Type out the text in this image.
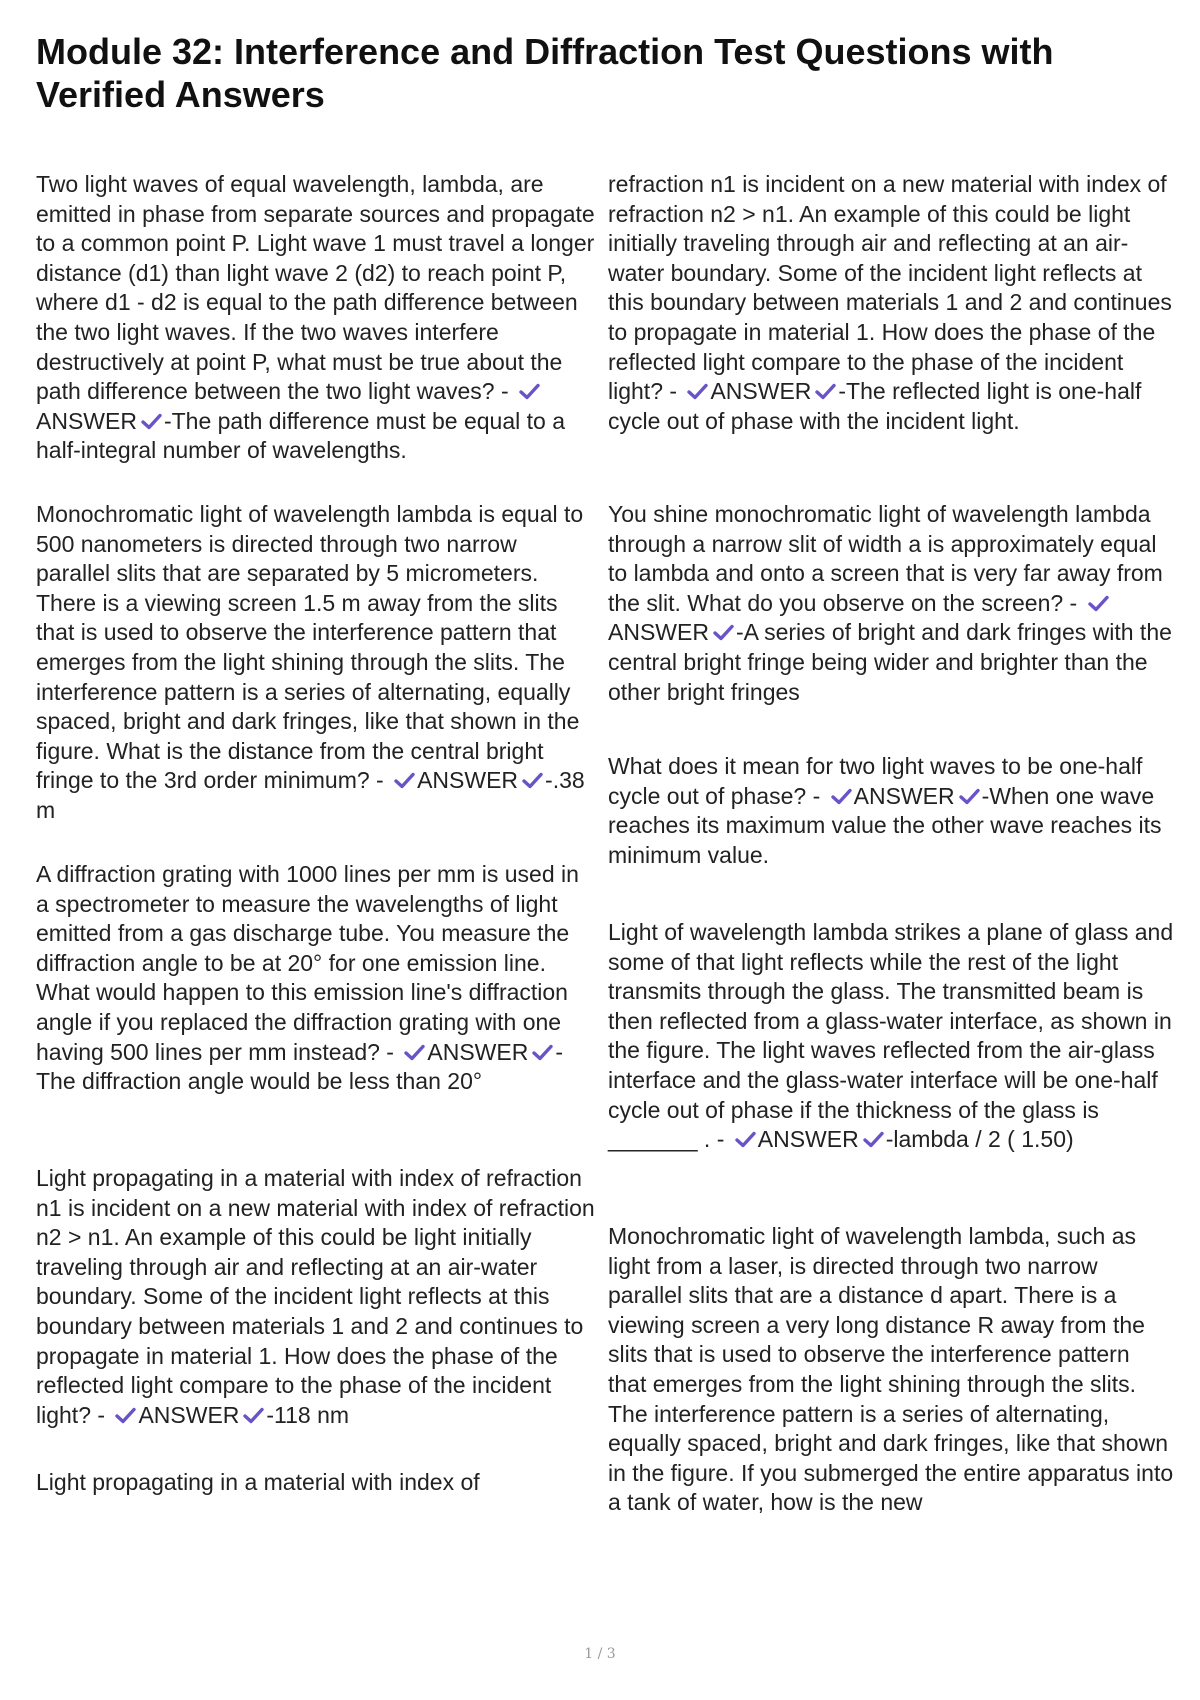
Module 32: Interference and Diffraction Test Questions with Verified Answers

Two light waves of equal wavelength, lambda, are emitted in phase from separate sources and propagate to a common point P. Light wave 1 must travel a longer distance (d1) than light wave 2 (d2) to reach point P, where d1 - d2 is equal to the path difference between the two light waves. If the two waves interfere destructively at point P, what must be true about the path difference between the two light waves? -
ANSWER -The path difference must be equal to a half-integral number of wavelengths.

Monochromatic light of wavelength lambda is equal to 500 nanometers is directed through two narrow parallel slits that are separated by 5 micrometers. There is a viewing screen 1.5 m away from the slits that is used to observe the interference pattern that emerges from the light shining through the slits. The interference pattern is a series of alternating, equally spaced, bright and dark fringes, like that shown in the figure. What is the distance from the central bright fringe to the 3rd order minimum? - ANSWER -.38 m

A diffraction grating with 1000 lines per mm is used in a spectrometer to measure the wavelengths of light emitted from a gas discharge tube. You measure the diffraction angle to be at 20° for one emission line. What would happen to this emission line's diffraction angle if you replaced the diffraction grating with one having 500 lines per mm instead? - ANSWER -The diffraction angle would be less than 20°

Light propagating in a material with index of refraction n1 is incident on a new material with index of refraction n2 > n1. An example of this could be light initially traveling through air and reflecting at an air-water boundary. Some of the incident light reflects at this boundary between materials 1 and 2 and continues to propagate in material 1. How does the phase of the reflected light compare to the phase of the incident light? - ANSWER -118 nm

Light propagating in a material with index of

refraction n1 is incident on a new material with index of refraction n2 > n1. An example of this could be light initially traveling through air and reflecting at an air-water boundary. Some of the incident light reflects at this boundary between materials 1 and 2 and continues to propagate in material 1. How does the phase of the reflected light compare to the phase of the incident light? - ANSWER -The reflected light is one-half cycle out of phase with the incident light.

You shine monochromatic light of wavelength lambda through a narrow slit of width a is approximately equal to lambda and onto a screen that is very far away from the slit. What do you observe on the screen? -
ANSWER -A series of bright and dark fringes with the central bright fringe being wider and brighter than the other bright fringes

What does it mean for two light waves to be one-half cycle out of phase? - ANSWER -When one wave reaches its maximum value the other wave reaches its minimum value.

Light of wavelength lambda strikes a plane of glass and some of that light reflects while the rest of the light transmits through the glass. The transmitted beam is then reflected from a glass-water interface, as shown in the figure. The light waves reflected from the air-glass interface and the glass-water interface will be one-half cycle out of phase if the thickness of the glass is _______ . - ANSWER -lambda / 2 ( 1.50)

Monochromatic light of wavelength lambda, such as light from a laser, is directed through two narrow parallel slits that are a distance d apart. There is a viewing screen a very long distance R away from the slits that is used to observe the interference pattern that emerges from the light shining through the slits. The interference pattern is a series of alternating, equally spaced, bright and dark fringes, like that shown in the figure. If you submerged the entire apparatus into a tank of water, how is the new

1 / 3
